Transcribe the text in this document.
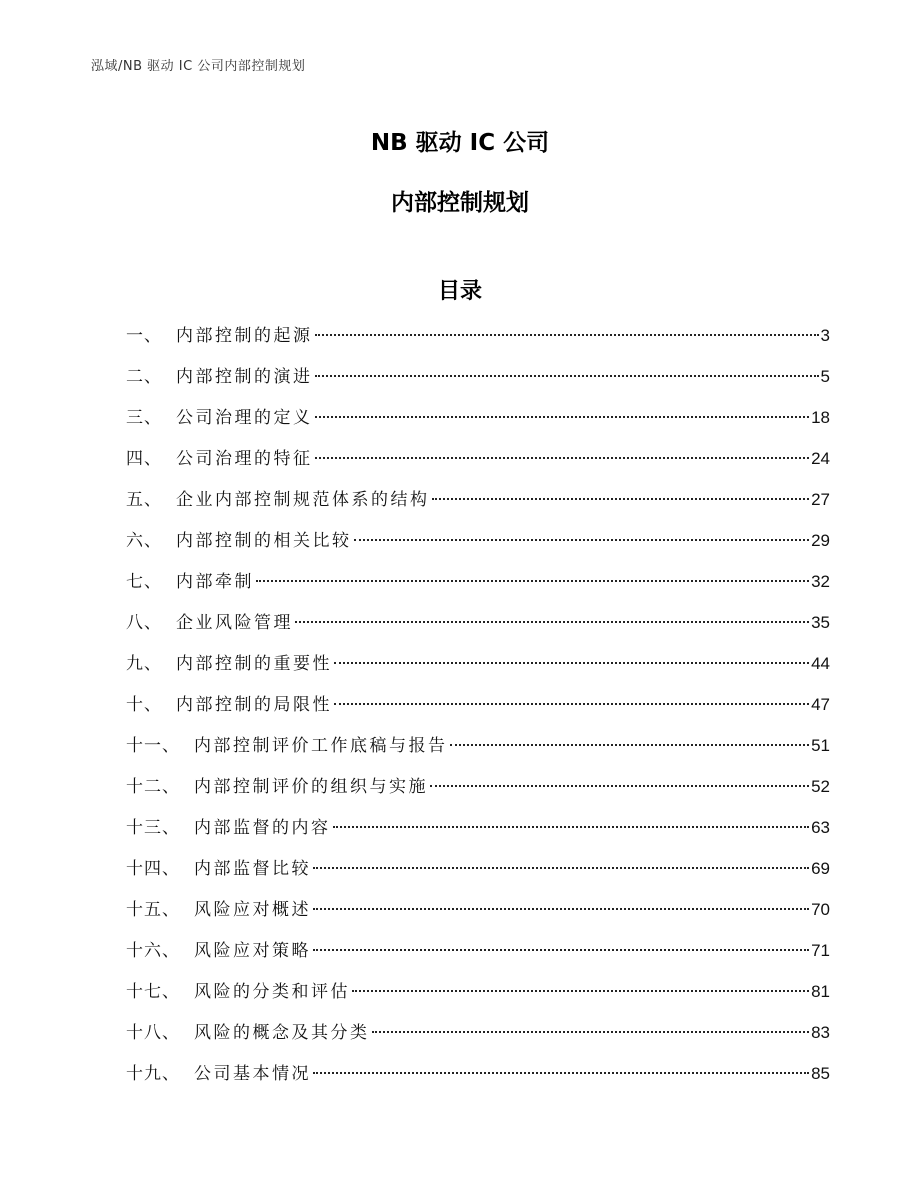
泓域/NB 驱动 IC 公司内部控制规划
NB 驱动 IC 公司
内部控制规划
目录
一、 内部控制的起源	3
二、 内部控制的演进	5
三、 公司治理的定义	18
四、 公司治理的特征	24
五、 企业内部控制规范体系的结构	27
六、 内部控制的相关比较	29
七、 内部牵制	32
八、 企业风险管理	35
九、 内部控制的重要性	44
十、 内部控制的局限性	47
十一、 内部控制评价工作底稿与报告	51
十二、 内部控制评价的组织与实施	52
十三、 内部监督的内容	63
十四、 内部监督比较	69
十五、 风险应对概述	70
十六、 风险应对策略	71
十七、 风险的分类和评估	81
十八、 风险的概念及其分类	83
十九、 公司基本情况	85
